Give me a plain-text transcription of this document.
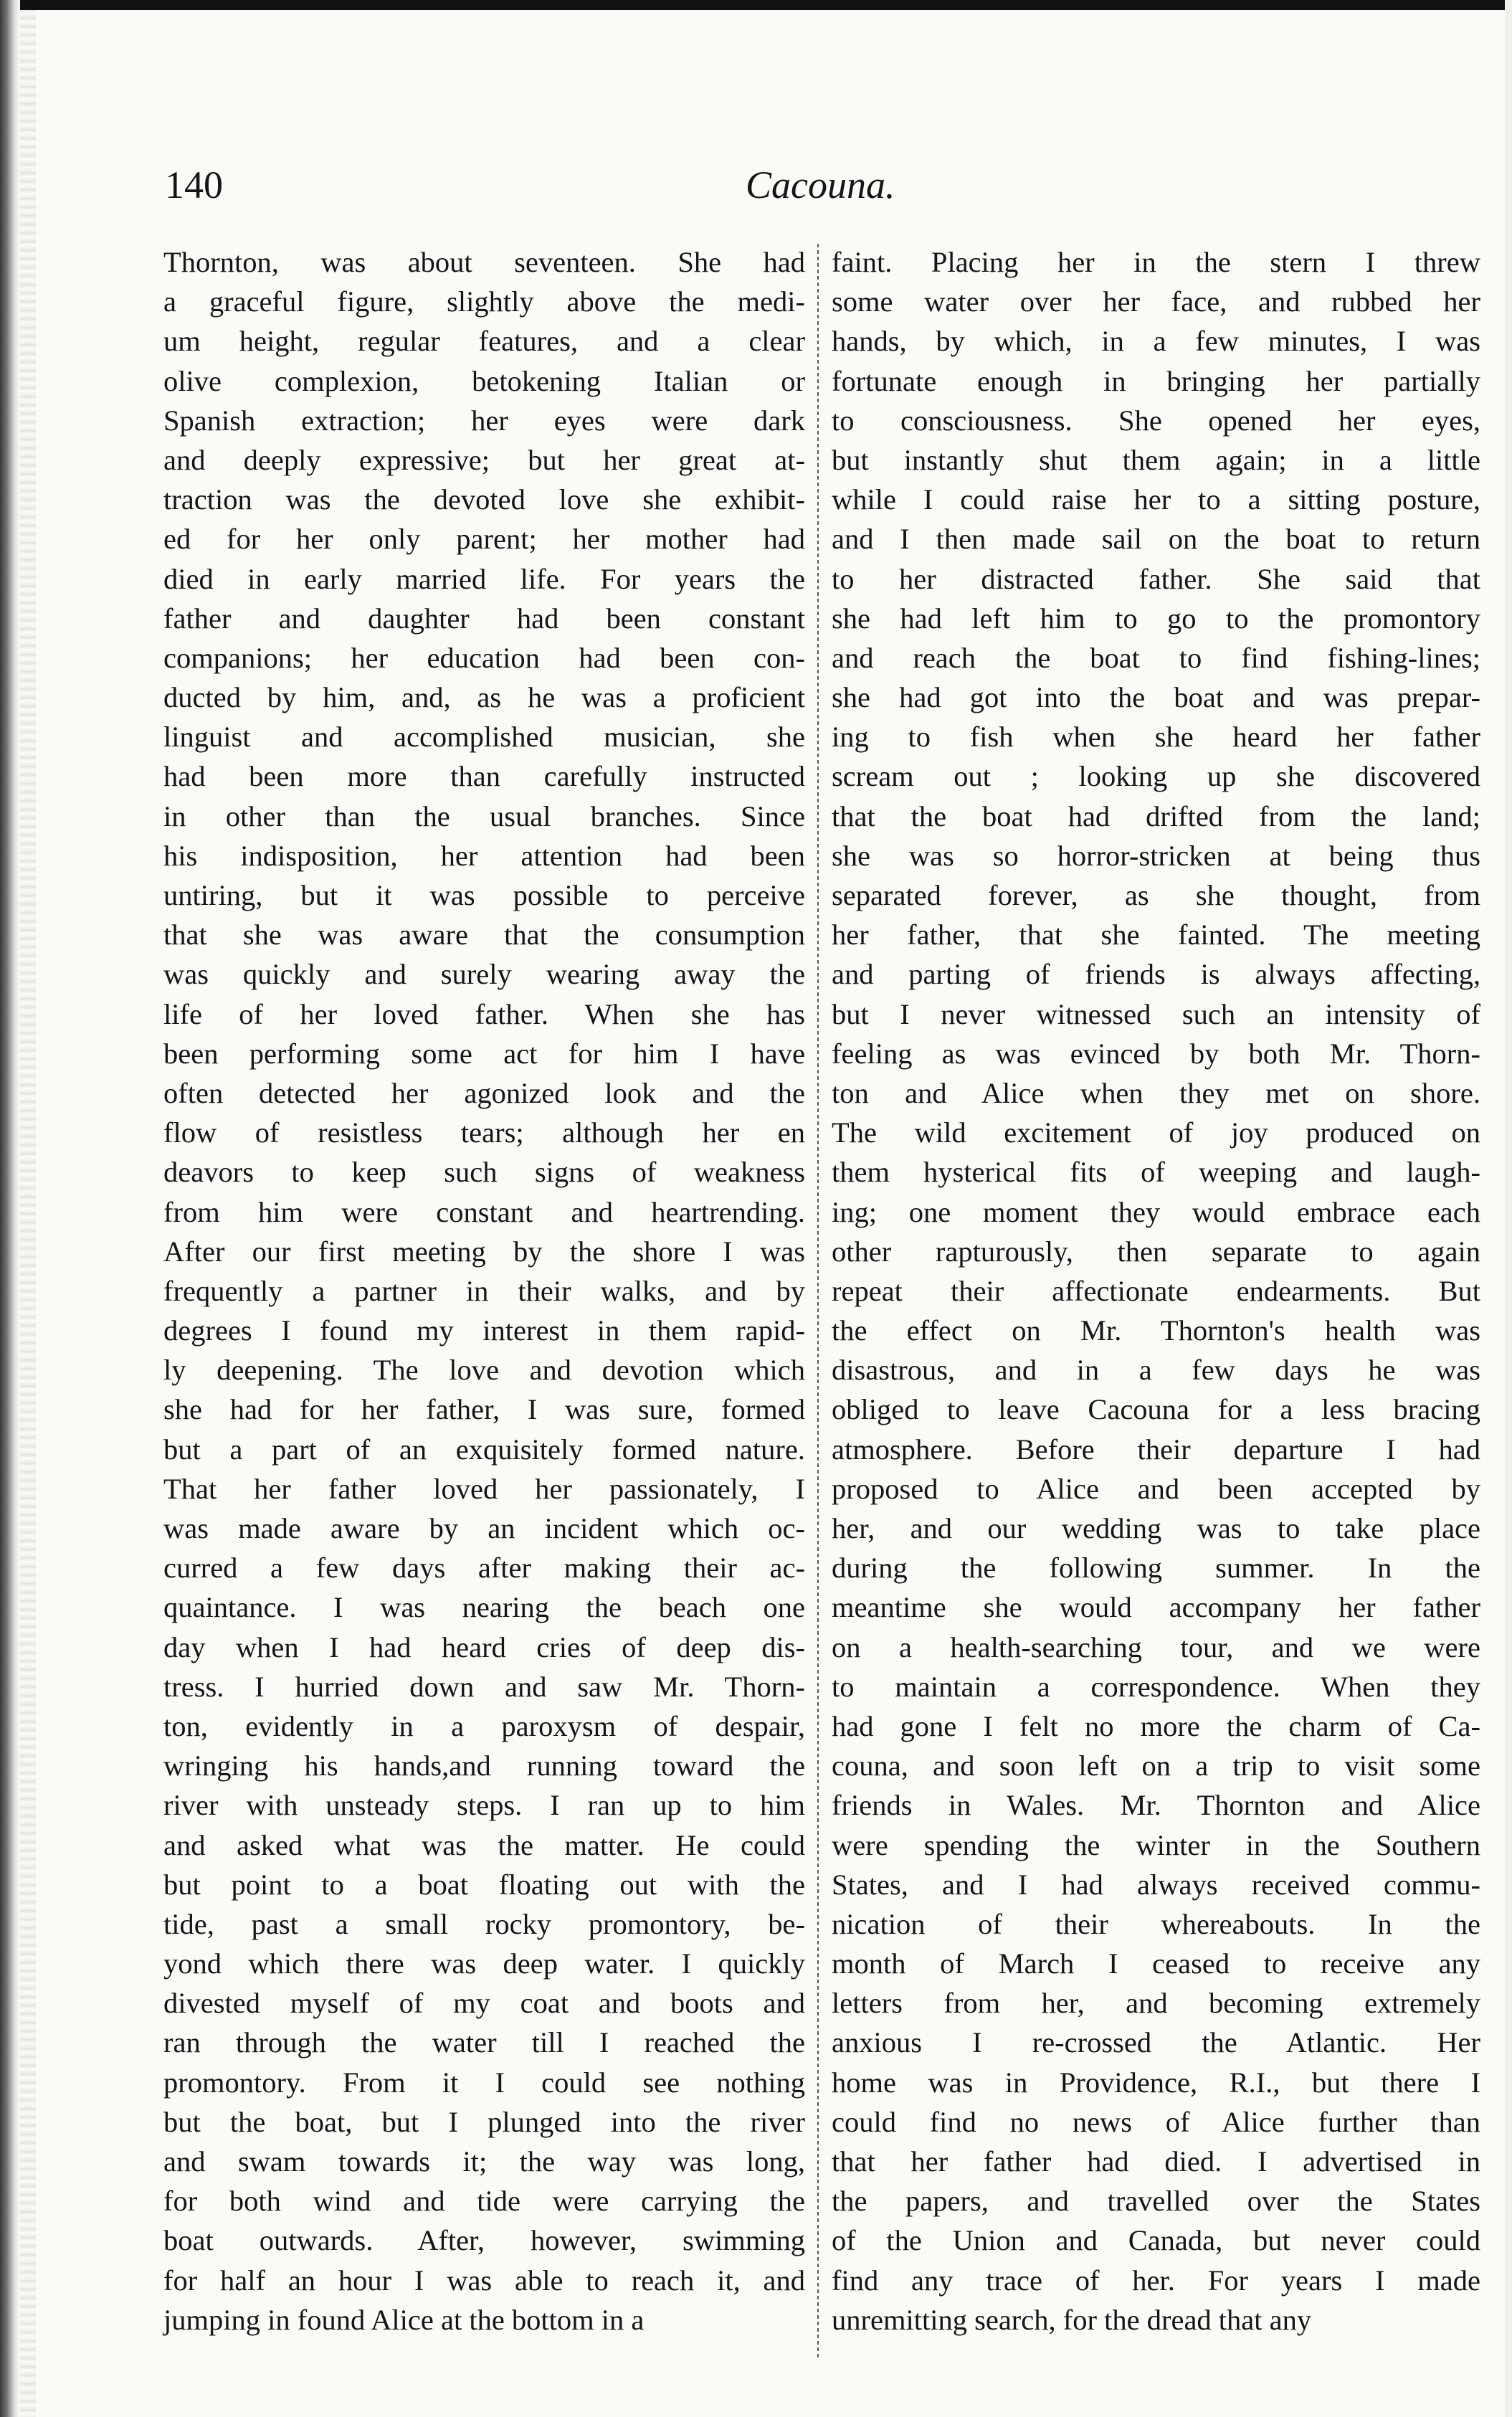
140	Cacouna.
Thornton, was about seventeen. She had
a graceful figure, slightly above the medi-
um height, regular features, and a clear
olive complexion, betokening Italian or
Spanish extraction; her eyes were dark
and deeply expressive; but her great at-
traction was the devoted love she exhibit-
ed for her only parent; her mother had
died in early married life. For years the
father and daughter had been constant
companions; her education had been con-
ducted by him, and, as he was a proficient
linguist and accomplished musician, she
had been more than carefully instructed
in other than the usual branches. Since
his indisposition, her attention had been
untiring, but it was possible to perceive
that she was aware that the consumption
was quickly and surely wearing away the
life of her loved father. When she has
been performing some act for him I have
often detected her agonized look and the
flow of resistless tears; although her en
deavors to keep such signs of weakness
from him were constant and heartrending.
After our first meeting by the shore I was
frequently a partner in their walks, and by
degrees I found my interest in them rapid-
ly deepening. The love and devotion which
she had for her father, I was sure, formed
but a part of an exquisitely formed nature.
That her father loved her passionately, I
was made aware by an incident which oc-
curred a few days after making their ac-
quaintance. I was nearing the beach one
day when I had heard cries of deep dis-
tress. I hurried down and saw Mr. Thorn-
ton, evidently in a paroxysm of despair,
wringing his hands,and running toward the
river with unsteady steps. I ran up to him
and asked what was the matter. He could
but point to a boat floating out with the
tide, past a small rocky promontory, be-
yond which there was deep water. I quickly
divested myself of my coat and boots and
ran through the water till I reached the
promontory. From it I could see nothing
but the boat, but I plunged into the river
and swam towards it; the way was long,
for both wind and tide were carrying the
boat outwards. After, however, swimming
for half an hour I was able to reach it, and
jumping in found Alice at the bottom in a
faint. Placing her in the stern I threw
some water over her face, and rubbed her
hands, by which, in a few minutes, I was
fortunate enough in bringing her partially
to consciousness. She opened her eyes,
but instantly shut them again; in a little
while I could raise her to a sitting posture,
and I then made sail on the boat to return
to her distracted father. She said that
she had left him to go to the promontory
and reach the boat to find fishing-lines;
she had got into the boat and was prepar-
ing to fish when she heard her father
scream out ; looking up she discovered
that the boat had drifted from the land;
she was so horror-stricken at being thus
separated forever, as she thought, from
her father, that she fainted. The meeting
and parting of friends is always affecting,
but I never witnessed such an intensity of
feeling as was evinced by both Mr. Thorn-
ton and Alice when they met on shore.
The wild excitement of joy produced on
them hysterical fits of weeping and laugh-
ing; one moment they would embrace each
other rapturously, then separate to again
repeat their affectionate endearments. But
the effect on Mr. Thornton's health was
disastrous, and in a few days he was
obliged to leave Cacouna for a less bracing
atmosphere. Before their departure I had
proposed to Alice and been accepted by
her, and our wedding was to take place
during the following summer. In the
meantime she would accompany her father
on a health-searching tour, and we were
to maintain a correspondence. When they
had gone I felt no more the charm of Ca-
couna, and soon left on a trip to visit some
friends in Wales. Mr. Thornton and Alice
were spending the winter in the Southern
States, and I had always received commu-
nication of their whereabouts. In the
month of March I ceased to receive any
letters from her, and becoming extremely
anxious I re-crossed the Atlantic. Her
home was in Providence, R.I., but there I
could find no news of Alice further than
that her father had died. I advertised in
the papers, and travelled over the States
of the Union and Canada, but never could
find any trace of her. For years I made
unremitting search, for the dread that any
